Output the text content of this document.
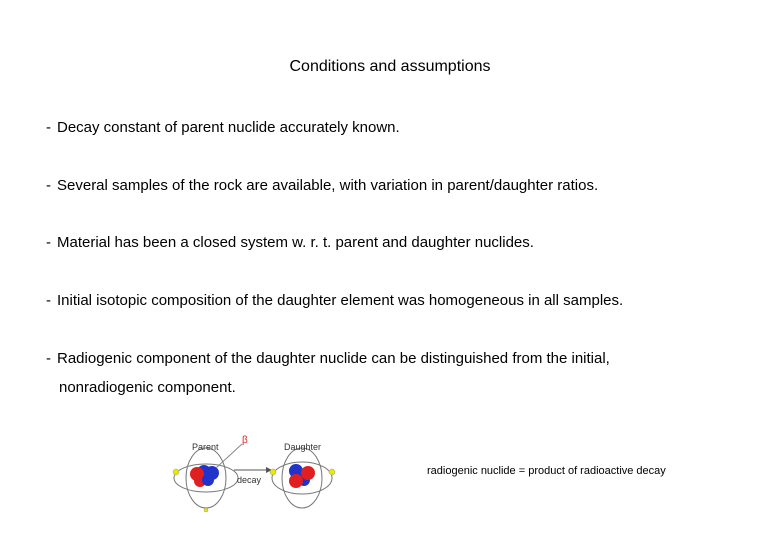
Conditions and assumptions
- Decay constant of parent nuclide accurately known.
- Several samples of the rock are available, with variation in parent/daughter ratios.
- Material has been a closed system w. r. t. parent and daughter nuclides.
- Initial isotopic composition of the daughter element was homogeneous in all samples.
- Radiogenic component of the daughter nuclide can be distinguished from the initial,
nonradiogenic component.
β
Parent
decay
Daughter
radiogenic nuclide = product of radioactive decay
